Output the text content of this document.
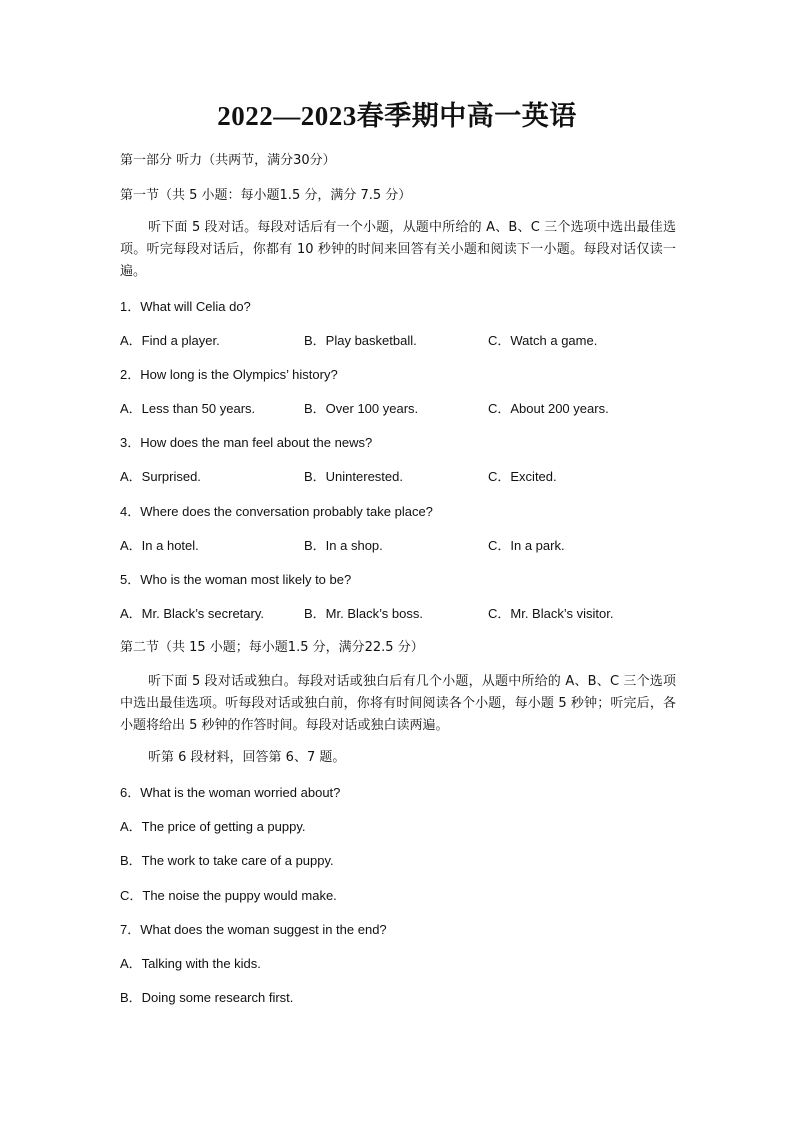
2022—2023春季期中高一英语
第一部分 听力（共两节，满分30分）
第一节（共 5 小题：每小题1.5 分，满分 7.5 分）
听下面 5 段对话。每段对话后有一个小题，从题中所给的 A、B、C 三个选项中选出最佳选项。听完每段对话后，你都有 10 秒钟的时间来回答有关小题和阅读下一小题。每段对话仅读一遍。
1．What will Celia do?
A．Find a player.	B．Play basketball.	C．Watch a game.
2．How long is the Olympics’ history?
A．Less than 50 years.	B．Over 100 years.	C．About 200 years.
3．How does the man feel about the news?
A．Surprised.	B．Uninterested.	C．Excited.
4．Where does the conversation probably take place?
A．In a hotel.	B．In a shop.	C．In a park.
5．Who is the woman most likely to be?
A．Mr. Black’s secretary.	B．Mr. Black’s boss.	C．Mr. Black’s visitor.
第二节（共 15 小题；每小题1.5 分，满分22.5 分）
听下面 5 段对话或独白。每段对话或独白后有几个小题，从题中所给的 A、B、C 三个选项中选出最佳选项。听每段对话或独白前，你将有时间阅读各个小题，每小题 5 秒钟；听完后，各小题将给出 5 秒钟的作答时间。每段对话或独白读两遍。
听第 6 段材料，回答第 6、7 题。
6．What is the woman worried about?
A．The price of getting a puppy.
B．The work to take care of a puppy.
C．The noise the puppy would make.
7．What does the woman suggest in the end?
A．Talking with the kids.
B．Doing some research first.
